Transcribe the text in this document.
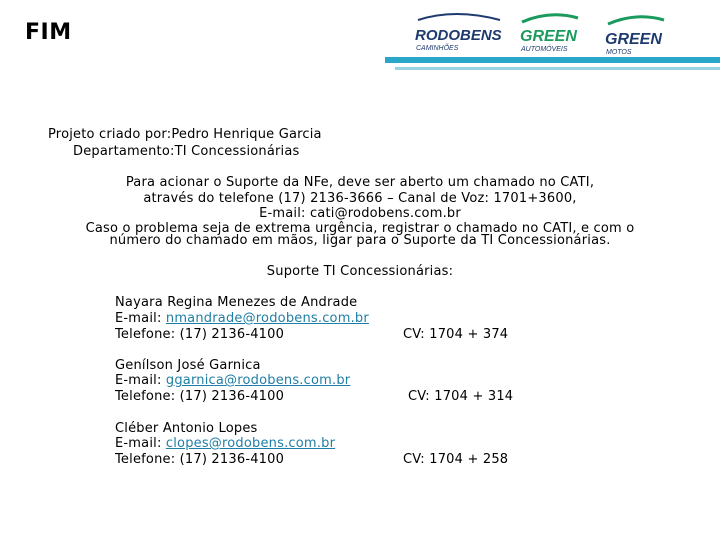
FIM	RODOBENS
CAMINHÕES
GREEN
AUTOMÓVEIS
GREEN
MOTOS
Projeto criado por:Pedro Henrique Garcia
Departamento:TI Concessionárias
Para acionar o Suporte da NFe, deve ser aberto um chamado no CATI,
através do telefone (17) 2136-3666 – Canal de Voz: 1701+3600,
E-mail: cati@rodobens.com.br
Caso o problema seja de extrema urgência, registrar o chamado no CATI, e com o
número do chamado em mãos, ligar para o Suporte da TI Concessionárias.
Suporte TI Concessionárias:
Nayara Regina Menezes de Andrade
E-mail: nmandrade@rodobens.com.br
Telefone: (17) 2136-4100	CV: 1704 + 374
Genílson José Garnica
E-mail: ggarnica@rodobens.com.br
Telefone: (17) 2136-4100	CV: 1704 + 314
Cléber Antonio Lopes
E-mail: clopes@rodobens.com.br
Telefone: (17) 2136-4100	CV: 1704 + 258
